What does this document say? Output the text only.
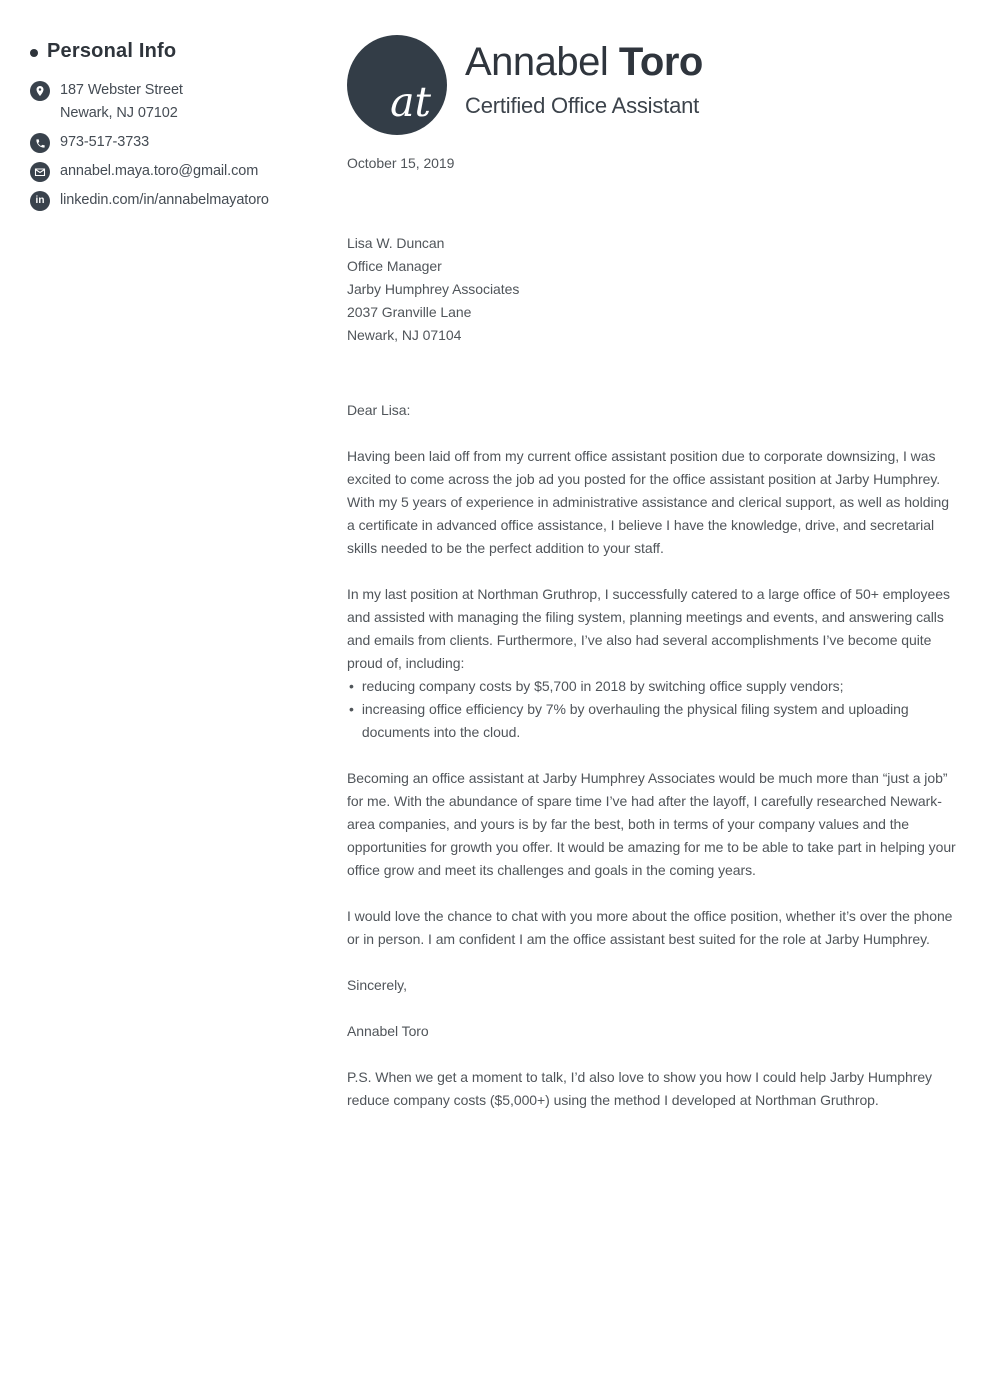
Personal Info
187 Webster Street
Newark, NJ 07102
973-517-3733
annabel.maya.toro@gmail.com
in linkedin.com/in/annabelmayatoro
at
Annabel Toro
Certified Office Assistant
October 15, 2019
Lisa W. Duncan
Office Manager
Jarby Humphrey Associates
2037 Granville Lane
Newark, NJ 07104
Dear Lisa:

Having been laid off from my current office assistant position due to corporate downsizing, I was excited to come across the job ad you posted for the office assistant position at Jarby Humphrey. With my 5 years of experience in administrative assistance and clerical support, as well as holding a certificate in advanced office assistance, I believe I have the knowledge, drive, and secretarial skills needed to be the perfect addition to your staff.

In my last position at Northman Gruthrop, I successfully catered to a large office of 50+ employees and assisted with managing the filing system, planning meetings and events, and answering calls and emails from clients. Furthermore, I’ve also had several accomplishments I’ve become quite proud of, including:

• reducing company costs by $5,700 in 2018 by switching office supply vendors;
• increasing office efficiency by 7% by overhauling the physical filing system and uploading documents into the cloud.

Becoming an office assistant at Jarby Humphrey Associates would be much more than “just a job” for me. With the abundance of spare time I’ve had after the layoff, I carefully researched Newark-area companies, and yours is by far the best, both in terms of your company values and the opportunities for growth you offer. It would be amazing for me to be able to take part in helping your office grow and meet its challenges and goals in the coming years.

I would love the chance to chat with you more about the office position, whether it’s over the phone or in person. I am confident I am the office assistant best suited for the role at Jarby Humphrey.

Sincerely,
Annabel Toro

P.S. When we get a moment to talk, I’d also love to show you how I could help Jarby Humphrey reduce company costs ($5,000+) using the method I developed at Northman Gruthrop.
